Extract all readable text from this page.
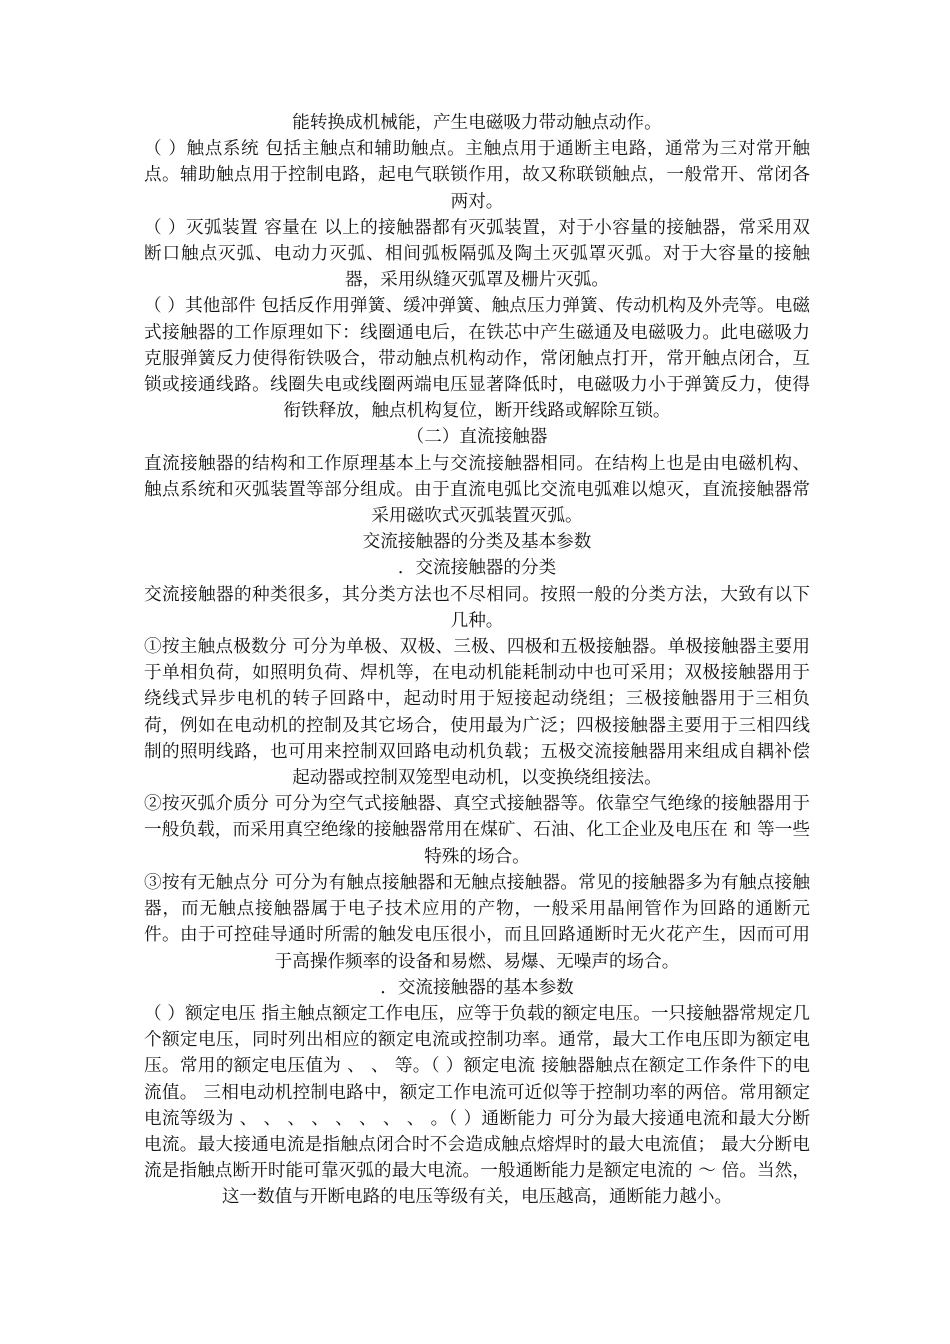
能转换成机械能，产生电磁吸力带动触点动作。

（ ）触点系统 包括主触点和辅助触点。主触点用于通断主电路，通常为三对常开触点。辅助触点用于控制电路，起电气联锁作用，故又称联锁触点，一般常开、常闭各两对。

（ ）灭弧装置 容量在 以上的接触器都有灭弧装置，对于小容量的接触器，常采用双断口触点灭弧、电动力灭弧、相间弧板隔弧及陶土灭弧罩灭弧。对于大容量的接触器，采用纵缝灭弧罩及栅片灭弧。

（ ）其他部件 包括反作用弹簧、缓冲弹簧、触点压力弹簧、传动机构及外壳等。电磁式接触器的工作原理如下：线圈通电后，在铁芯中产生磁通及电磁吸力。此电磁吸力克服弹簧反力使得衔铁吸合，带动触点机构动作，常闭触点打开，常开触点闭合，互锁或接通线路。线圈失电或线圈两端电压显著降低时，电磁吸力小于弹簧反力，使得衔铁释放，触点机构复位，断开线路或解除互锁。

（二）直流接触器

直流接触器的结构和工作原理基本上与交流接触器相同。在结构上也是由电磁机构、触点系统和灭弧装置等部分组成。由于直流电弧比交流电弧难以熄灭，直流接触器常采用磁吹式灭弧装置灭弧。

交流接触器的分类及基本参数

．交流接触器的分类

交流接触器的种类很多，其分类方法也不尽相同。按照一般的分类方法，大致有以下几种。

①按主触点极数分 可分为单极、双极、三极、四极和五极接触器。单极接触器主要用于单相负荷，如照明负荷、焊机等，在电动机能耗制动中也可采用；双极接触器用于绕线式异步电机的转子回路中，起动时用于短接起动绕组；三极接触器用于三相负荷，例如在电动机的控制及其它场合，使用最为广泛；四极接触器主要用于三相四线制的照明线路，也可用来控制双回路电动机负载；五极交流接触器用来组成自耦补偿起动器或控制双笼型电动机，以变换绕组接法。

②按灭弧介质分 可分为空气式接触器、真空式接触器等。依靠空气绝缘的接触器用于一般负载，而采用真空绝缘的接触器常用在煤矿、石油、化工企业及电压在 和 等一些特殊的场合。

③按有无触点分 可分为有触点接触器和无触点接触器。常见的接触器多为有触点接触器，而无触点接触器属于电子技术应用的产物，一般采用晶闸管作为回路的通断元件。由于可控硅导通时所需的触发电压很小，而且回路通断时无火花产生，因而可用于高操作频率的设备和易燃、易爆、无噪声的场合。

．交流接触器的基本参数

（ ）额定电压 指主触点额定工作电压，应等于负载的额定电压。一只接触器常规定几个额定电压，同时列出相应的额定电流或控制功率。通常，最大工作电压即为额定电压。常用的额定电压值为 、 、 等。（ ）额定电流 接触器触点在额定工作条件下的电流值。 三相电动机控制电路中，额定工作电流可近似等于控制功率的两倍。常用额定电流等级为 、 、 、 、 、 、 、 、 。（ ）通断能力 可分为最大接通电流和最大分断电流。最大接通电流是指触点闭合时不会造成触点熔焊时的最大电流值； 最大分断电流是指触点断开时能可靠灭弧的最大电流。一般通断能力是额定电流的 ～ 倍。当然，这一数值与开断电路的电压等级有关，电压越高，通断能力越小。
